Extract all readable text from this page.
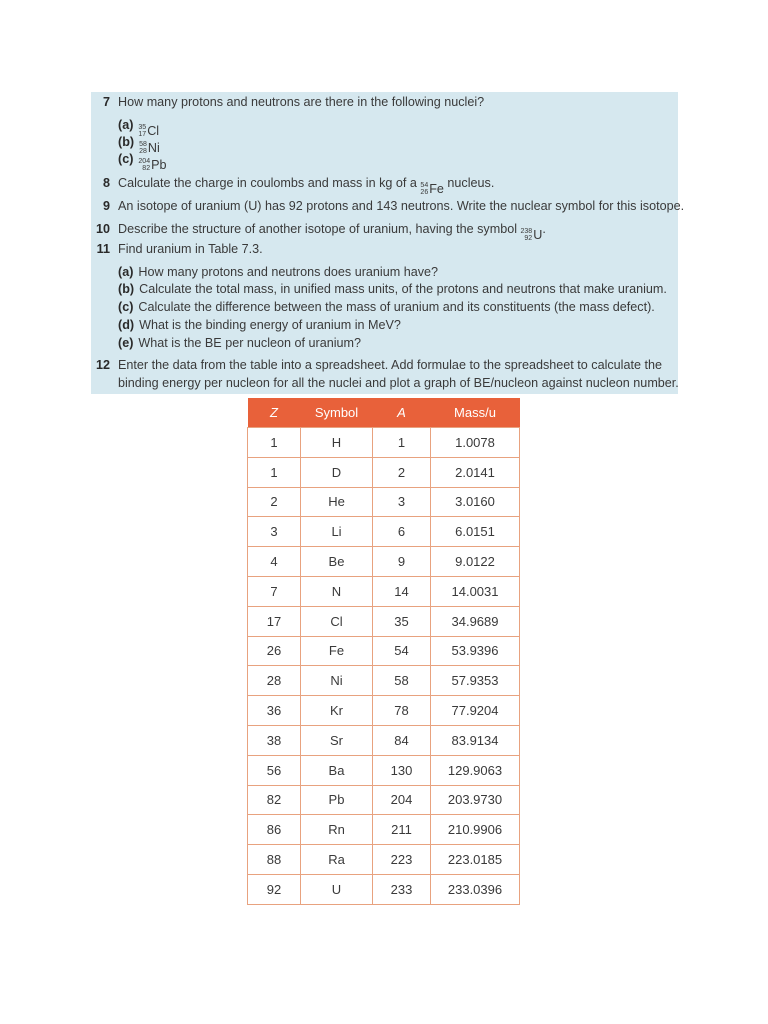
7 How many protons and neutrons are there in the following nuclei?
(a) 35
17 Cl
(b) 58
28 Ni
(c) 204
82 Pb
8 Calculate the charge in coulombs and mass in kg of a 54
26 Fe nucleus.
9 An isotope of uranium (U) has 92 protons and 143 neutrons. Write the nuclear symbol for this isotope.
10 Describe the structure of another isotope of uranium, having the symbol 238
92 U .
11 Find uranium in Table 7.3.
(a) How many protons and neutrons does uranium have?
(b) Calculate the total mass, in unified mass units, of the protons and neutrons that make uranium.
(c) Calculate the difference between the mass of uranium and its constituents (the mass defect).
(d) What is the binding energy of uranium in MeV?
(e) What is the BE per nucleon of uranium?
12 Enter the data from the table into a spreadsheet. Add formulae to the spreadsheet to calculate the
binding energy per nucleon for all the nuclei and plot a graph of BE/nucleon against nucleon number.
Z	Symbol	A	Mass/u
1	H	1	1.0078
1	D	2	2.0141
2	He	3	3.0160
3	Li	6	6.0151
4	Be	9	9.0122
7	N	14	14.0031
17	Cl	35	34.9689
26	Fe	54	53.9396
28	Ni	58	57.9353
36	Kr	78	77.9204
38	Sr	84	83.9134
56	Ba	130	129.9063
82	Pb	204	203.9730
86	Rn	211	210.9906
88	Ra	223	223.0185
92	U	233	233.0396
